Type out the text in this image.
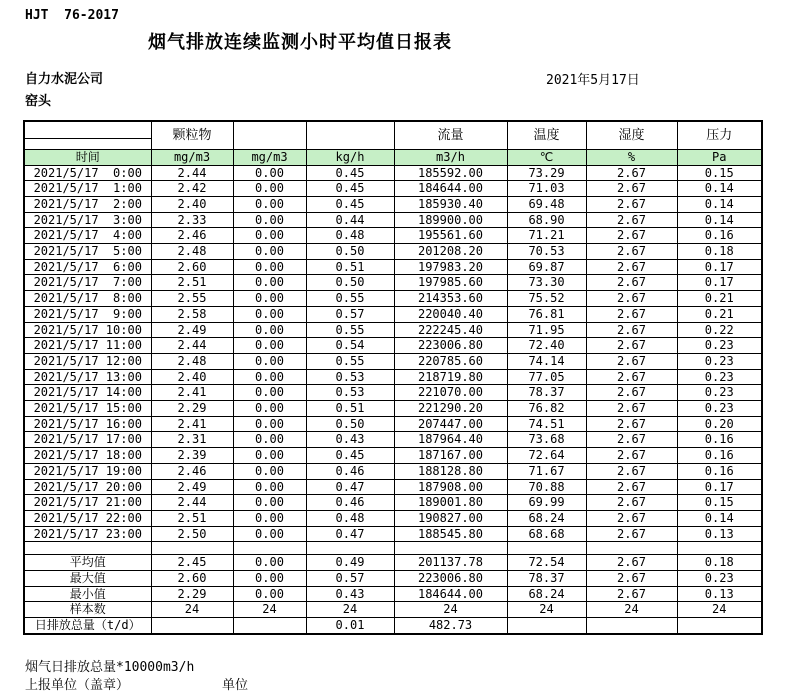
HJT  76-2017
烟气排放连续监测小时平均值日报表
自力水泥公司	2021年5月17日
窑头
	颗粒物			流量	温度	湿度	压力

时间	mg/m3	mg/m3	kg/h	m3/h	℃	%	Pa
2021/5/17  0:00	2.44	0.00	0.45	185592.00	73.29	2.67	0.15
2021/5/17  1:00	2.42	0.00	0.45	184644.00	71.03	2.67	0.14
2021/5/17  2:00	2.40	0.00	0.45	185930.40	69.48	2.67	0.14
2021/5/17  3:00	2.33	0.00	0.44	189900.00	68.90	2.67	0.14
2021/5/17  4:00	2.46	0.00	0.48	195561.60	71.21	2.67	0.16
2021/5/17  5:00	2.48	0.00	0.50	201208.20	70.53	2.67	0.18
2021/5/17  6:00	2.60	0.00	0.51	197983.20	69.87	2.67	0.17
2021/5/17  7:00	2.51	0.00	0.50	197985.60	73.30	2.67	0.17
2021/5/17  8:00	2.55	0.00	0.55	214353.60	75.52	2.67	0.21
2021/5/17  9:00	2.58	0.00	0.57	220040.40	76.81	2.67	0.21
2021/5/17 10:00	2.49	0.00	0.55	222245.40	71.95	2.67	0.22
2021/5/17 11:00	2.44	0.00	0.54	223006.80	72.40	2.67	0.23
2021/5/17 12:00	2.48	0.00	0.55	220785.60	74.14	2.67	0.23
2021/5/17 13:00	2.40	0.00	0.53	218719.80	77.05	2.67	0.23
2021/5/17 14:00	2.41	0.00	0.53	221070.00	78.37	2.67	0.23
2021/5/17 15:00	2.29	0.00	0.51	221290.20	76.82	2.67	0.23
2021/5/17 16:00	2.41	0.00	0.50	207447.00	74.51	2.67	0.20
2021/5/17 17:00	2.31	0.00	0.43	187964.40	73.68	2.67	0.16
2021/5/17 18:00	2.39	0.00	0.45	187167.00	72.64	2.67	0.16
2021/5/17 19:00	2.46	0.00	0.46	188128.80	71.67	2.67	0.16
2021/5/17 20:00	2.49	0.00	0.47	187908.00	70.88	2.67	0.17
2021/5/17 21:00	2.44	0.00	0.46	189001.80	69.99	2.67	0.15
2021/5/17 22:00	2.51	0.00	0.48	190827.00	68.24	2.67	0.14
2021/5/17 23:00	2.50	0.00	0.47	188545.80	68.68	2.67	0.13

平均值	2.45	0.00	0.49	201137.78	72.54	2.67	0.18
最大值	2.60	0.00	0.57	223006.80	78.37	2.67	0.23
最小值	2.29	0.00	0.43	184644.00	68.24	2.67	0.13
样本数	24	24	24	24	24	24	24
日排放总量（t/d）			0.01	482.73			
烟气日排放总量*10000m3/h
上报单位（盖章）	单位
